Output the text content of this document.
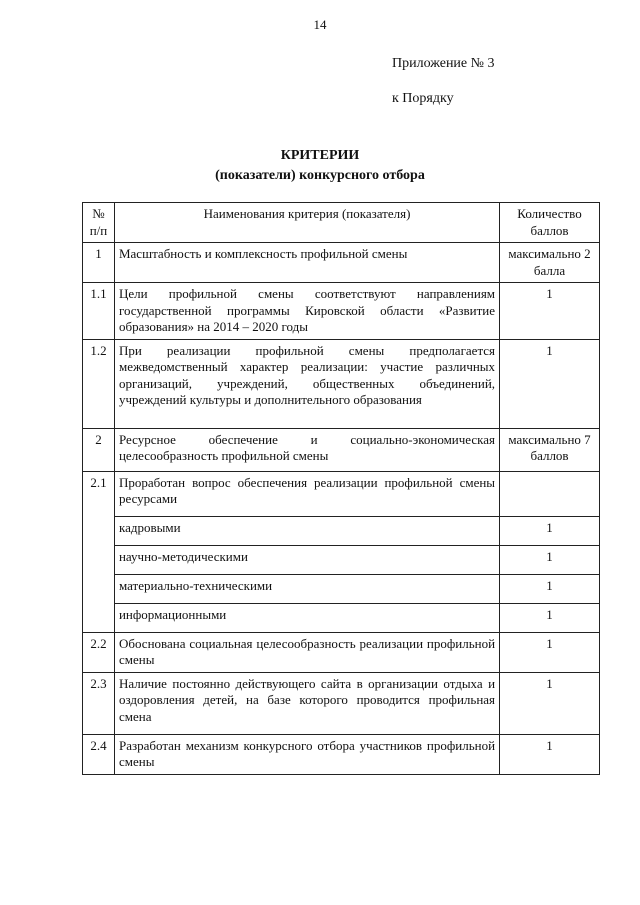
14
Приложение № 3
к Порядку
КРИТЕРИИ
(показатели) конкурсного отбора
№ п/п	Наименования критерия (показателя)	Количество баллов
1	Масштабность и комплексность профильной смены	максимально 2 балла
1.1	Цели профильной смены соответствуют направлениям государственной программы Кировской области «Развитие образования» на 2014 – 2020 годы	1
1.2	При реализации профильной смены предполагается межведомственный характер реализации: участие различных организаций, учреждений, общественных объединений, учреждений культуры и дополнительного образования	1
2	Ресурсное обеспечение и социально-экономическая целесообразность профильной смены	максимально 7 баллов
2.1	Проработан вопрос обеспечения реализации профильной смены ресурсами	
	кадровыми	1
	научно-методическими	1
	материально-техническими	1
	информационными	1
2.2	Обоснована социальная целесообразность реализации профильной смены	1
2.3	Наличие постоянно действующего сайта в организации отдыха и оздоровления детей, на базе которого проводится профильная смена	1
2.4	Разработан механизм конкурсного отбора участников профильной смены	1
